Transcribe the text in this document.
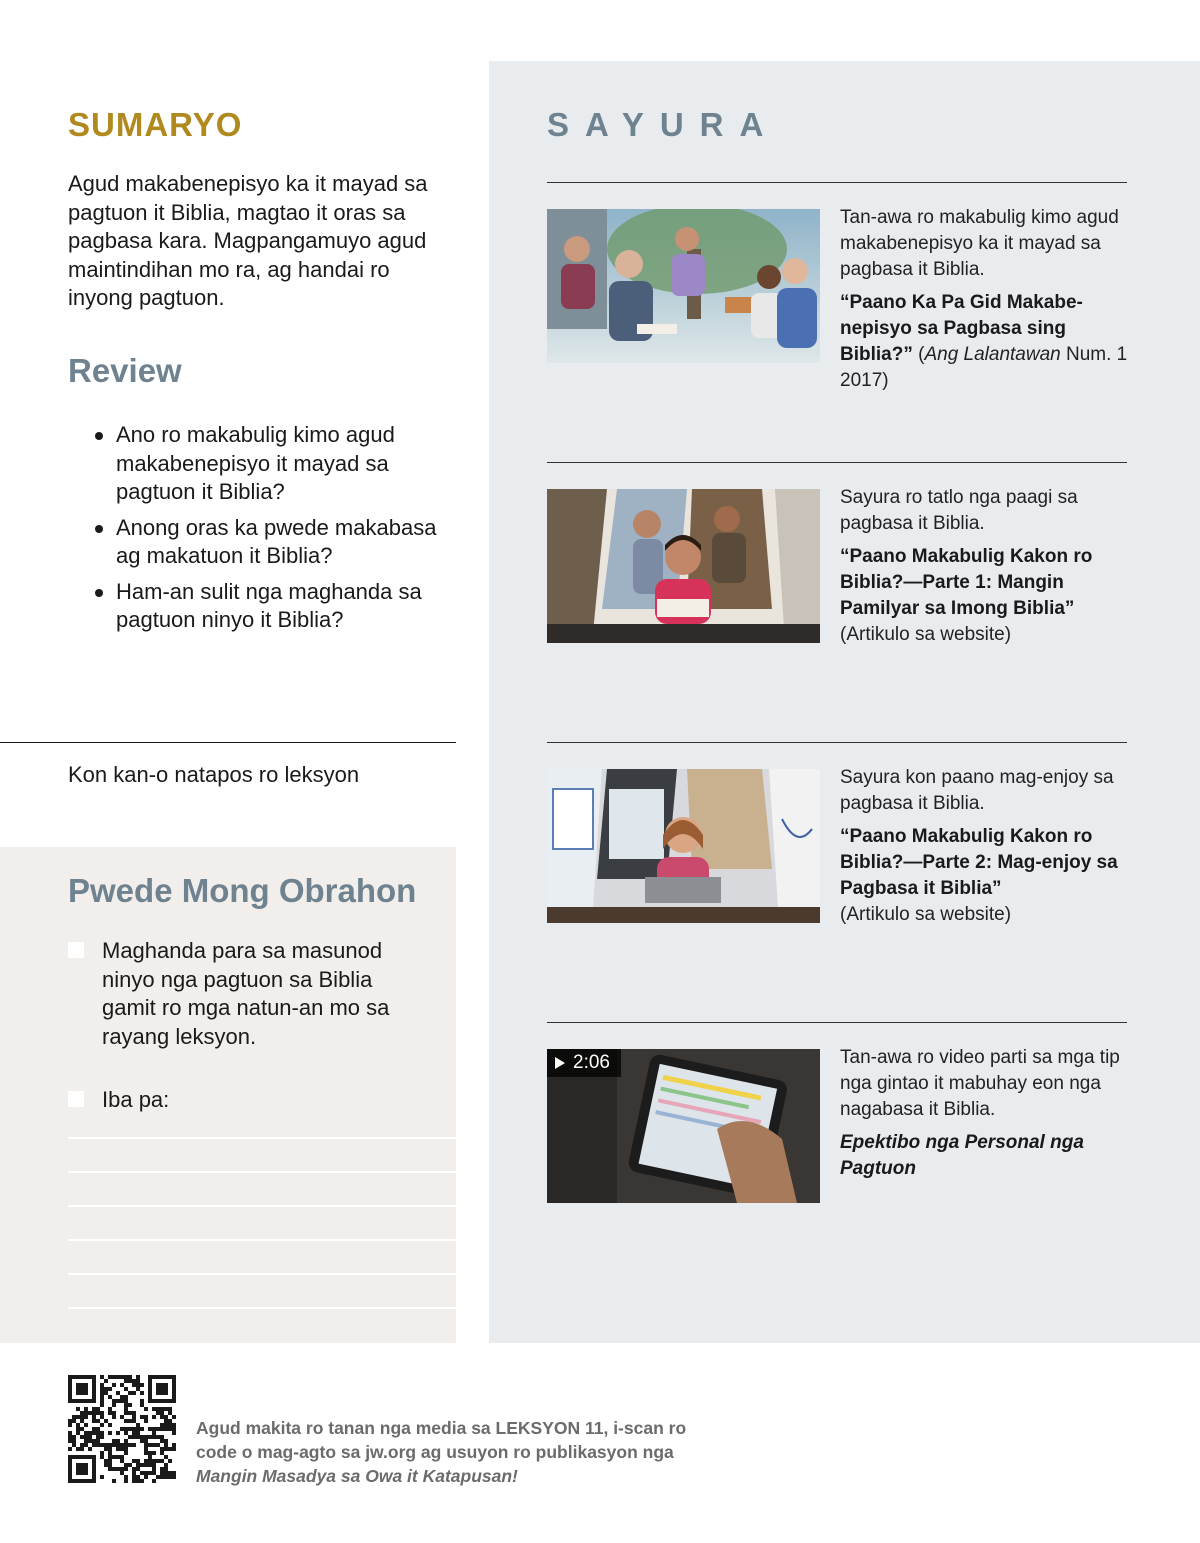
SUMARYO
Agud makabenepisyo ka it mayad sa pagtuon it Biblia, magtao it oras sa pagbasa kara. Magpangamuyo agud maintindihan mo ra, ag handai ro inyong pagtuon.
Review
Ano ro makabulig kimo agud makabenepisyo it mayad sa pagtuon it Biblia?
Anong oras ka pwede makabasa ag makatuon it Biblia?
Ham-an sulit nga maghanda sa pagtuon ninyo it Biblia?
Kon kan-o natapos ro leksyon
Pwede Mong Obrahon
Maghanda para sa masunod ninyo nga pagtuon sa Biblia gamit ro mga natun-an mo sa rayang leksyon.
Iba pa:
SAYURA
Tan-awa ro makabulig kimo agud makabenepisyo ka it mayad sa pagbasa it Biblia.
“Paano Ka Pa Gid Makabenepisyo sa Pagbasa sing Biblia?” (Ang Lalantawan Num. 1 2017)
Sayura ro tatlo nga paagi sa pagbasa it Biblia.
“Paano Makabulig Kakon ro Biblia?—Parte 1: Mangin Pamilyar sa Imong Biblia”
(Artikulo sa website)
Sayura kon paano mag-enjoy sa pagbasa it Biblia.
“Paano Makabulig Kakon ro Biblia?—Parte 2: Mag-enjoy sa Pagbasa it Biblia”
(Artikulo sa website)
2:06	Tan-awa ro video parti sa mga tip nga gintao it mabuhay eon nga nagabasa it Biblia.
Epektibo nga Personal nga Pagtuon
Agud makita ro tanan nga media sa LEKSYON 11, i-scan ro code o mag-agto sa jw.org ag usuyon ro publikasyon nga Mangin Masadya sa Owa it Katapusan!
